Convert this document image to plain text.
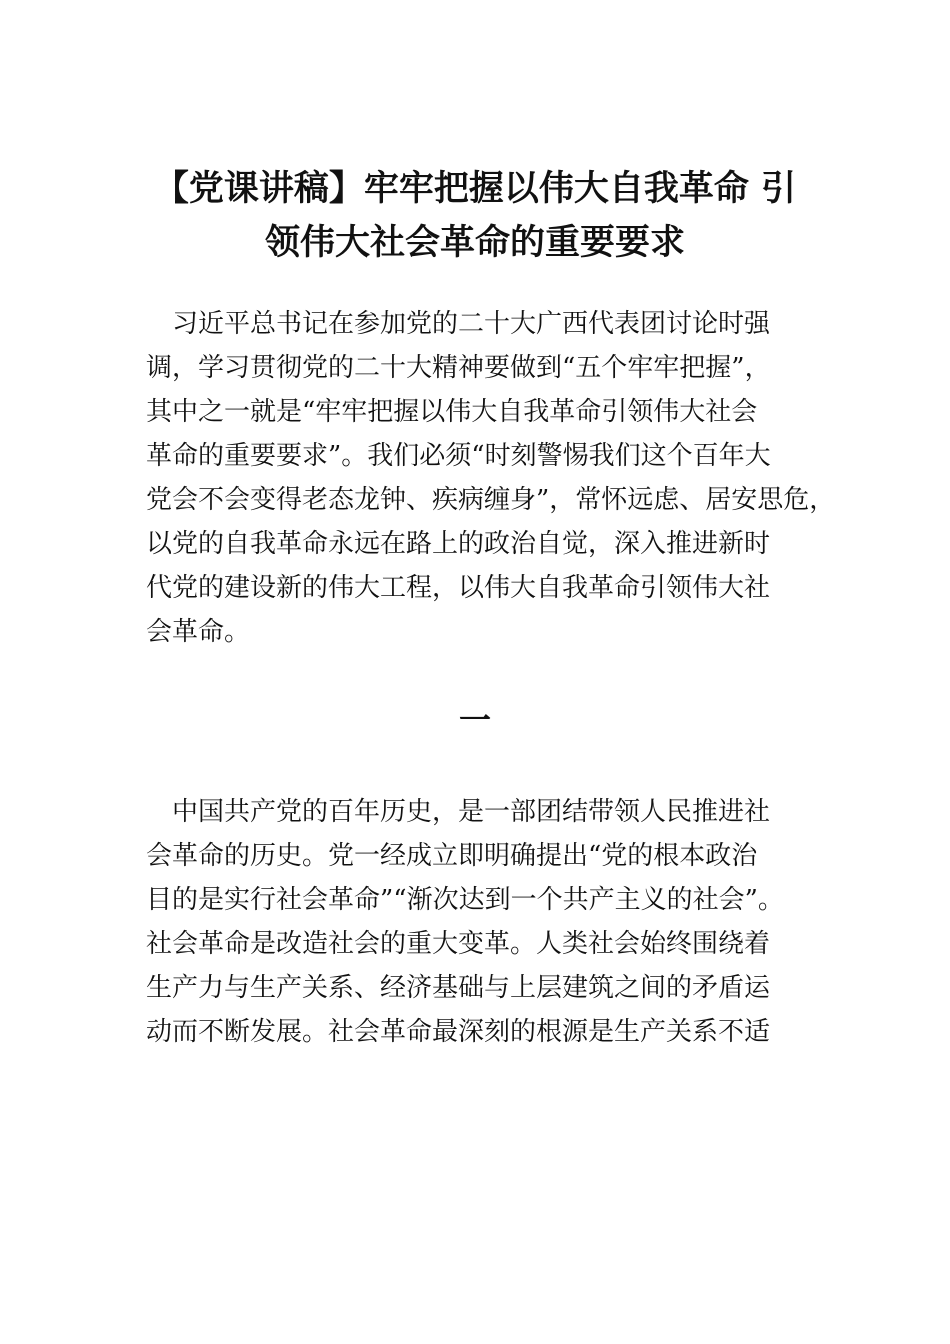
【党课讲稿】牢牢把握以伟大自我革命 引
领伟大社会革命的重要要求

　习近平总书记在参加党的二十大广西代表团讨论时强

调，学习贯彻党的二十大精神要做到“五个牢牢把握”，

其中之一就是“牢牢把握以伟大自我革命引领伟大社会

革命的重要要求”。我们必须“时刻警惕我们这个百年大

党会不会变得老态龙钟、疾病缠身”，常怀远虑、居安思危，

以党的自我革命永远在路上的政治自觉，深入推进新时

代党的建设新的伟大工程，以伟大自我革命引领伟大社

会革命。

一

　中国共产党的百年历史，是一部团结带领人民推进社

会革命的历史。党一经成立即明确提出“党的根本政治

目的是实行社会革命”“渐次达到一个共产主义的社会”。

社会革命是改造社会的重大变革。人类社会始终围绕着

生产力与生产关系、经济基础与上层建筑之间的矛盾运

动而不断发展。社会革命最深刻的根源是生产关系不适
